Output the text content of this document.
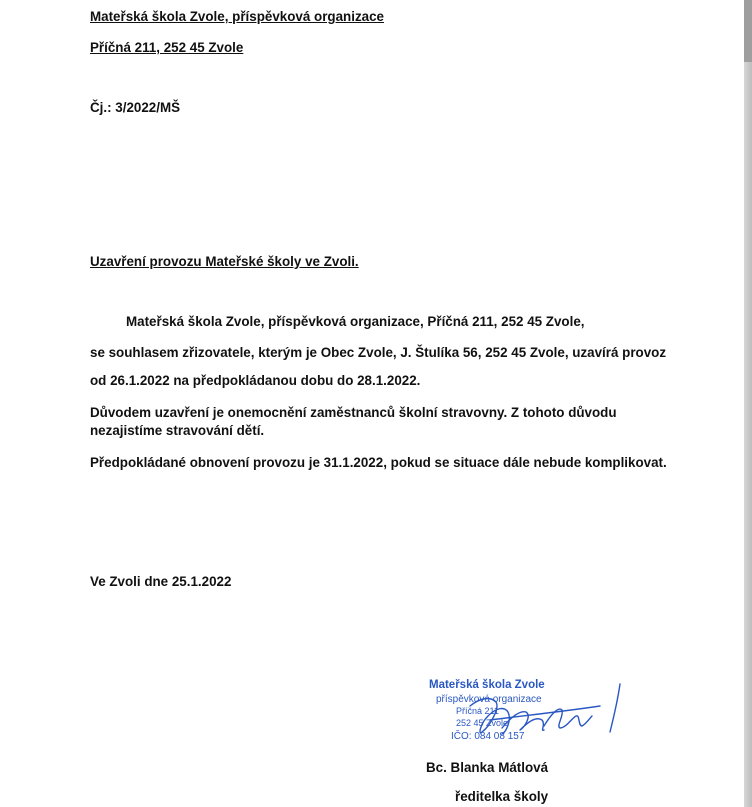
Mateřská škola Zvole, příspěvková organizace
Příčná 211, 252 45 Zvole
Čj.: 3/2022/MŠ
Uzavření provozu Mateřské školy ve Zvoli.
Mateřská škola Zvole, příspěvková organizace, Příčná 211, 252 45 Zvole,
se souhlasem zřizovatele, kterým je Obec Zvole, J. Štulíka 56, 252 45 Zvole, uzavírá provoz
od 26.1.2022 na předpokládanou dobu do 28.1.2022.
Důvodem uzavření je onemocnění zaměstnanců školní stravovny. Z tohoto důvodu
nezajistíme stravování dětí.
Předpokládané obnovení provozu je 31.1.2022, pokud se situace dále nebude komplikovat.
Ve Zvoli dne 25.1.2022
Mateřská škola Zvole
příspěvková organizace
Příčná 211
252 45 Zvole
IČO: 084 08 157
Bc. Blanka Mátlová
ředitelka školy
